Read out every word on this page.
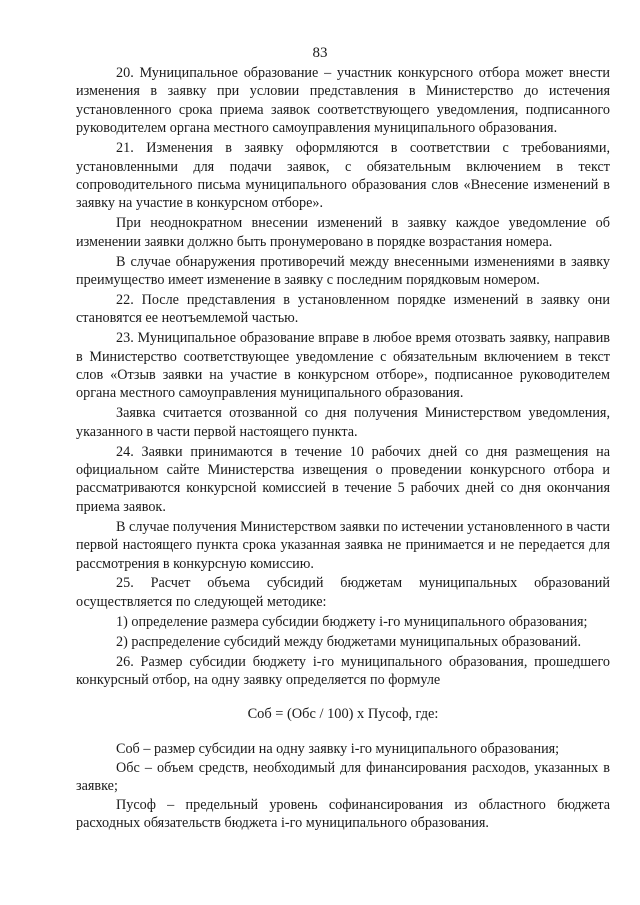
83

20. Муниципальное образование – участник конкурсного отбора может внести изменения в заявку при условии представления в Министерство до истечения установленного срока приема заявок соответствующего уведомления, подписанного руководителем органа местного самоуправления муниципального образования.

21. Изменения в заявку оформляются в соответствии с требованиями, установленными для подачи заявок, с обязательным включением в текст сопроводительного письма муниципального образования слов «Внесение изменений в заявку на участие в конкурсном отборе».

При неоднократном внесении изменений в заявку каждое уведомление об изменении заявки должно быть пронумеровано в порядке возрастания номера.

В случае обнаружения противоречий между внесенными изменениями в заявку преимущество имеет изменение в заявку с последним порядковым номером.

22. После представления в установленном порядке изменений в заявку они становятся ее неотъемлемой частью.

23. Муниципальное образование вправе в любое время отозвать заявку, направив в Министерство соответствующее уведомление с обязательным включением в текст слов «Отзыв заявки на участие в конкурсном отборе», подписанное руководителем органа местного самоуправления муниципального образования.

Заявка считается отозванной со дня получения Министерством уведомления, указанного в части первой настоящего пункта.

24. Заявки принимаются в течение 10 рабочих дней со дня размещения на официальном сайте Министерства извещения о проведении конкурсного отбора и рассматриваются конкурсной комиссией в течение 5 рабочих дней со дня окончания приема заявок.

В случае получения Министерством заявки по истечении установленного в части первой настоящего пункта срока указанная заявка не принимается и не передается для рассмотрения в конкурсную комиссию.

25. Расчет объема субсидий бюджетам муниципальных образований осуществляется по следующей методике:

1) определение размера субсидии бюджету i-го муниципального образования;

2) распределение субсидий между бюджетами муниципальных образований.

26. Размер субсидии бюджету i-го муниципального образования, прошедшего конкурсный отбор, на одну заявку определяется по формуле

Соб = (Обс / 100) х Пусоф, где:

Соб – размер субсидии на одну заявку i-го муниципального образования;

Обс – объем средств, необходимый для финансирования расходов, указанных в заявке;

Пусоф – предельный уровень софинансирования из областного бюджета расходных обязательств бюджета i-го муниципального образования.
